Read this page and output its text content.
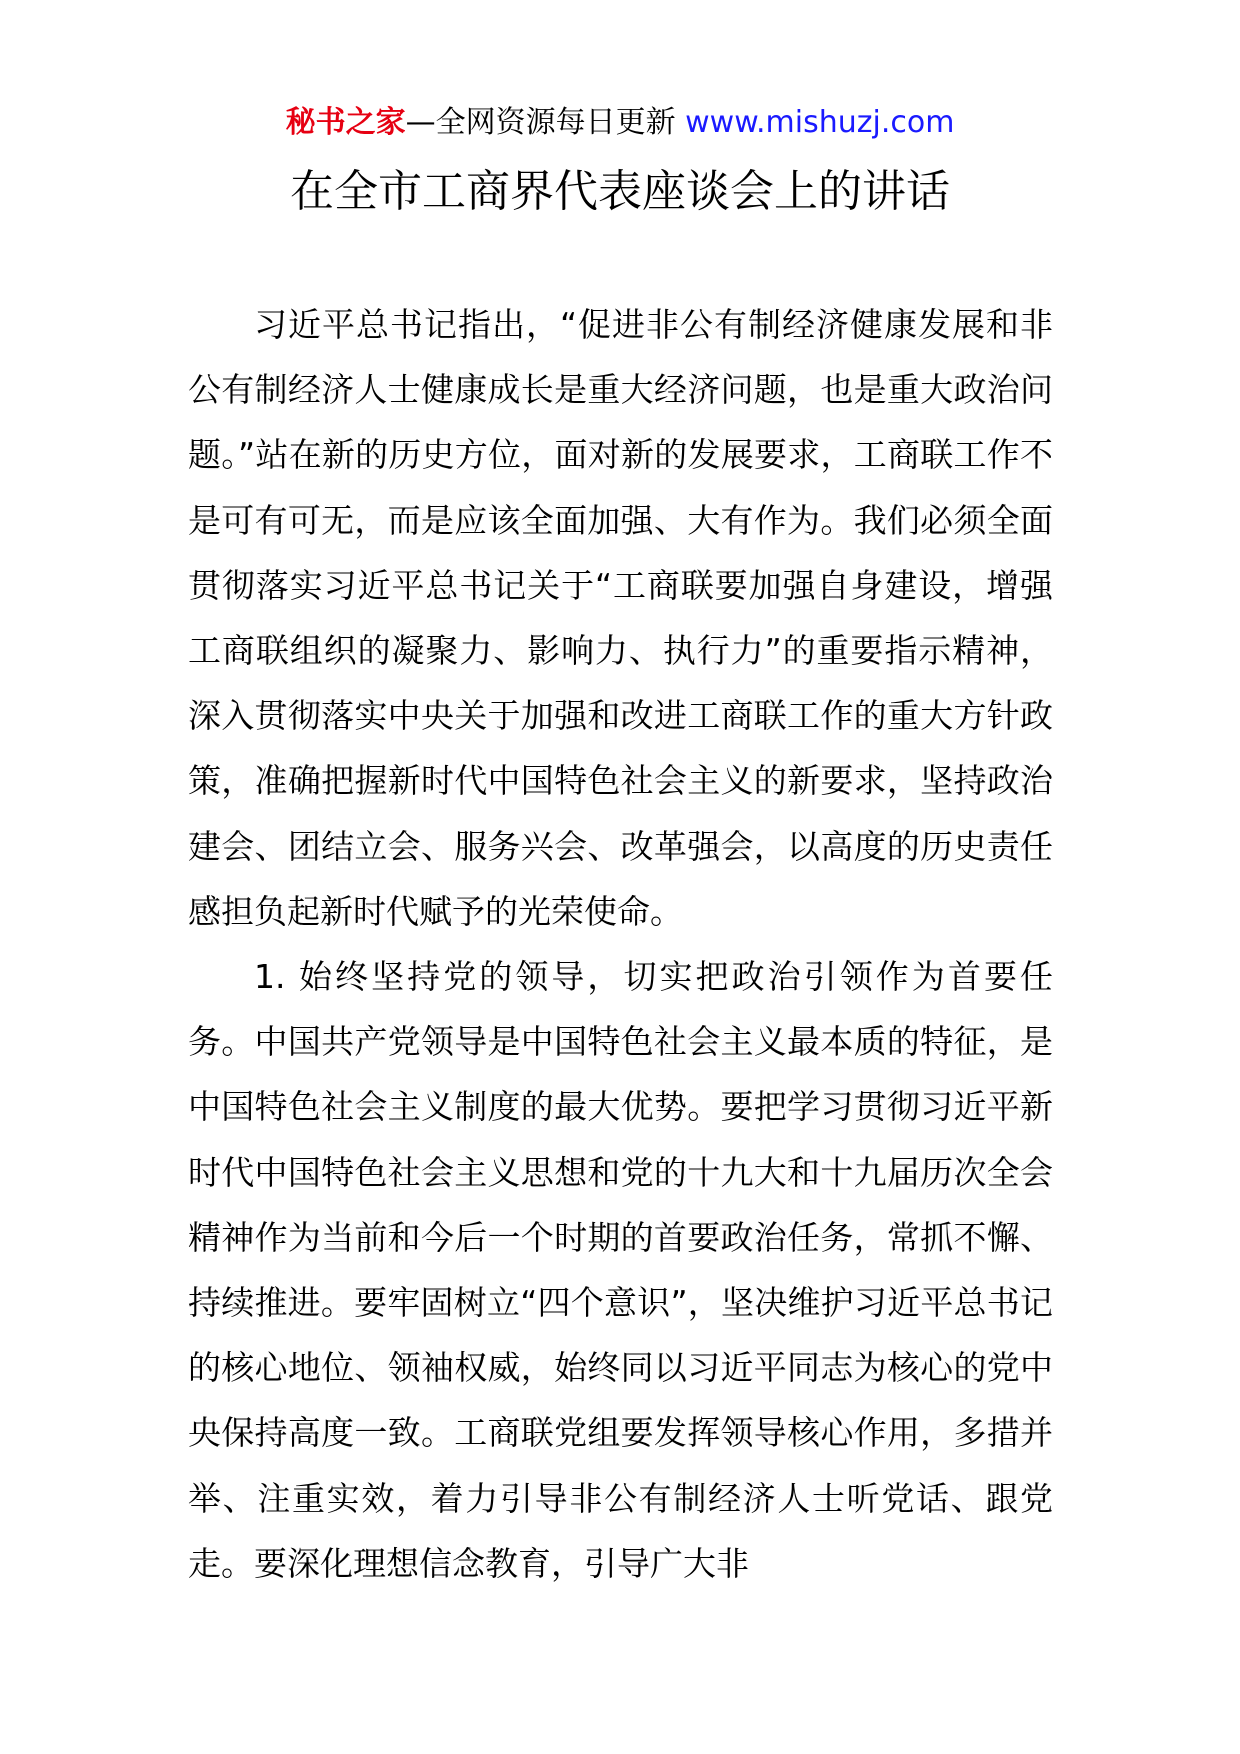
秘书之家—全网资源每日更新 www.mishuzj.com
在全市工商界代表座谈会上的讲话

习近平总书记指出，“促进非公有制经济健康发展和非公有制经济人士健康成长是重大经济问题，也是重大政治问题。”站在新的历史方位，面对新的发展要求，工商联工作不是可有可无，而是应该全面加强、大有作为。我们必须全面贯彻落实习近平总书记关于“工商联要加强自身建设，增强工商联组织的凝聚力、影响力、执行力”的重要指示精神，深入贯彻落实中央关于加强和改进工商联工作的重大方针政策，准确把握新时代中国特色社会主义的新要求，坚持政治建会、团结立会、服务兴会、改革强会，以高度的历史责任感担负起新时代赋予的光荣使命。

1. 始终坚持党的领导，切实把政治引领作为首要任务。中国共产党领导是中国特色社会主义最本质的特征，是中国特色社会主义制度的最大优势。要把学习贯彻习近平新时代中国特色社会主义思想和党的十九大和十九届历次全会精神作为当前和今后一个时期的首要政治任务，常抓不懈、持续推进。要牢固树立“四个意识”，坚决维护习近平总书记的核心地位、领袖权威，始终同以习近平同志为核心的党中央保持高度一致。工商联党组要发挥领导核心作用，多措并举、注重实效，着力引导非公有制经济人士听党话、跟党走。要深化理想信念教育，引导广大非
